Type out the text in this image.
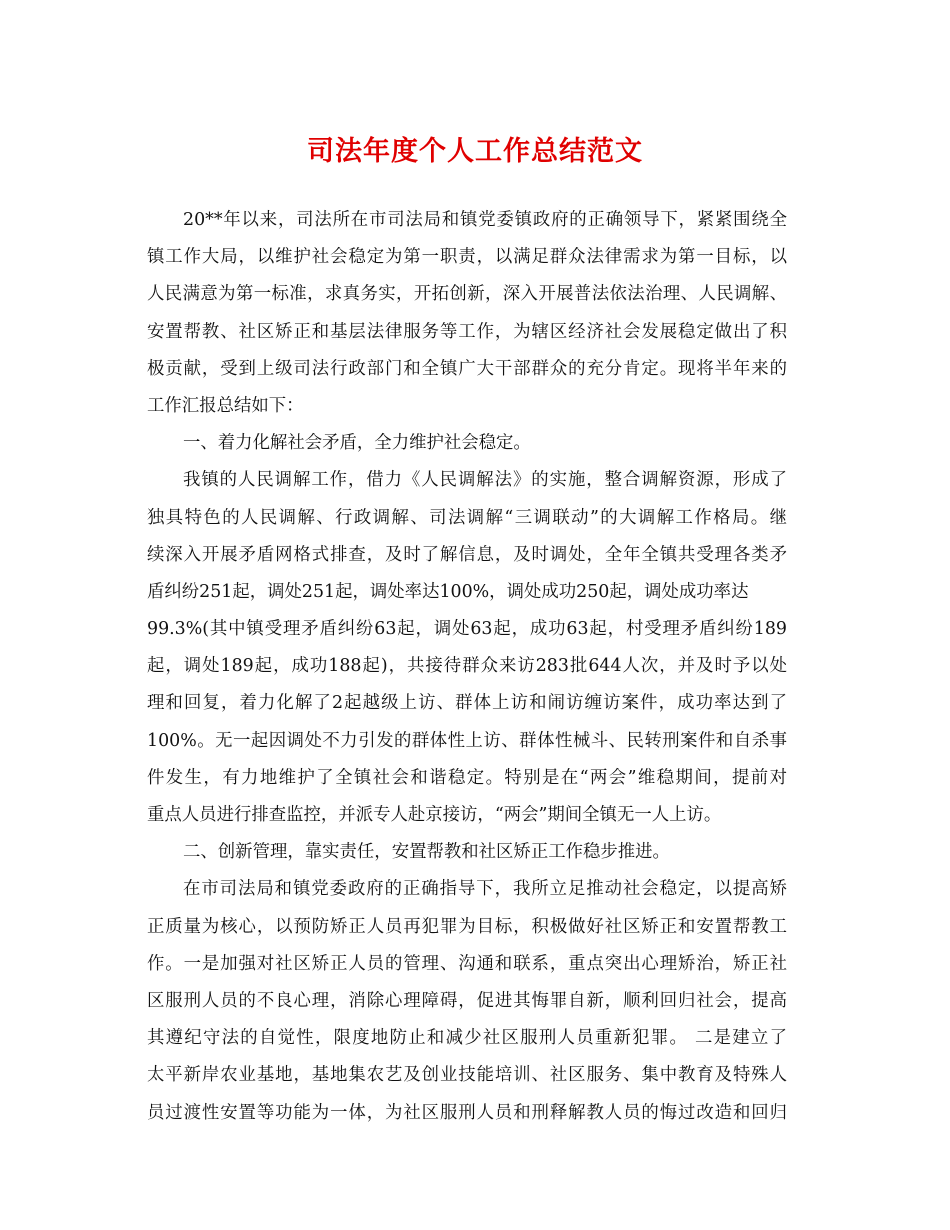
司法年度个人工作总结范文
20**年以来，司法所在市司法局和镇党委镇政府的正确领导下，紧紧围绕全
镇工作大局，以维护社会稳定为第一职责，以满足群众法律需求为第一目标，以
人民满意为第一标准，求真务实，开拓创新，深入开展普法依法治理、人民调解、
安置帮教、社区矫正和基层法律服务等工作，为辖区经济社会发展稳定做出了积
极贡献，受到上级司法行政部门和全镇广大干部群众的充分肯定。现将半年来的
工作汇报总结如下：
一、着力化解社会矛盾，全力维护社会稳定。
我镇的人民调解工作，借力《人民调解法》的实施，整合调解资源，形成了
独具特色的人民调解、行政调解、司法调解“三调联动”的大调解工作格局。继
续深入开展矛盾网格式排查，及时了解信息，及时调处，全年全镇共受理各类矛
盾纠纷251起，调处251起，调处率达100%，调处成功250起，调处成功率达
99.3%(其中镇受理矛盾纠纷63起，调处63起，成功63起，村受理矛盾纠纷189
起，调处189起，成功188起)，共接待群众来访283批644人次，并及时予以处
理和回复，着力化解了2起越级上访、群体上访和闹访缠访案件，成功率达到了
100%。无一起因调处不力引发的群体性上访、群体性械斗、民转刑案件和自杀事
件发生，有力地维护了全镇社会和谐稳定。特别是在“两会”维稳期间，提前对
重点人员进行排查监控，并派专人赴京接访，“两会”期间全镇无一人上访。
二、创新管理，靠实责任，安置帮教和社区矫正工作稳步推进。
在市司法局和镇党委政府的正确指导下，我所立足推动社会稳定，以提高矫
正质量为核心，以预防矫正人员再犯罪为目标，积极做好社区矫正和安置帮教工
作。一是加强对社区矫正人员的管理、沟通和联系，重点突出心理矫治，矫正社
区服刑人员的不良心理，消除心理障碍，促进其悔罪自新，顺利回归社会，提高
其遵纪守法的自觉性，限度地防止和减少社区服刑人员重新犯罪。 二是建立了
太平新岸农业基地，基地集农艺及创业技能培训、社区服务、集中教育及特殊人
员过渡性安置等功能为一体，为社区服刑人员和刑释解教人员的悔过改造和回归
